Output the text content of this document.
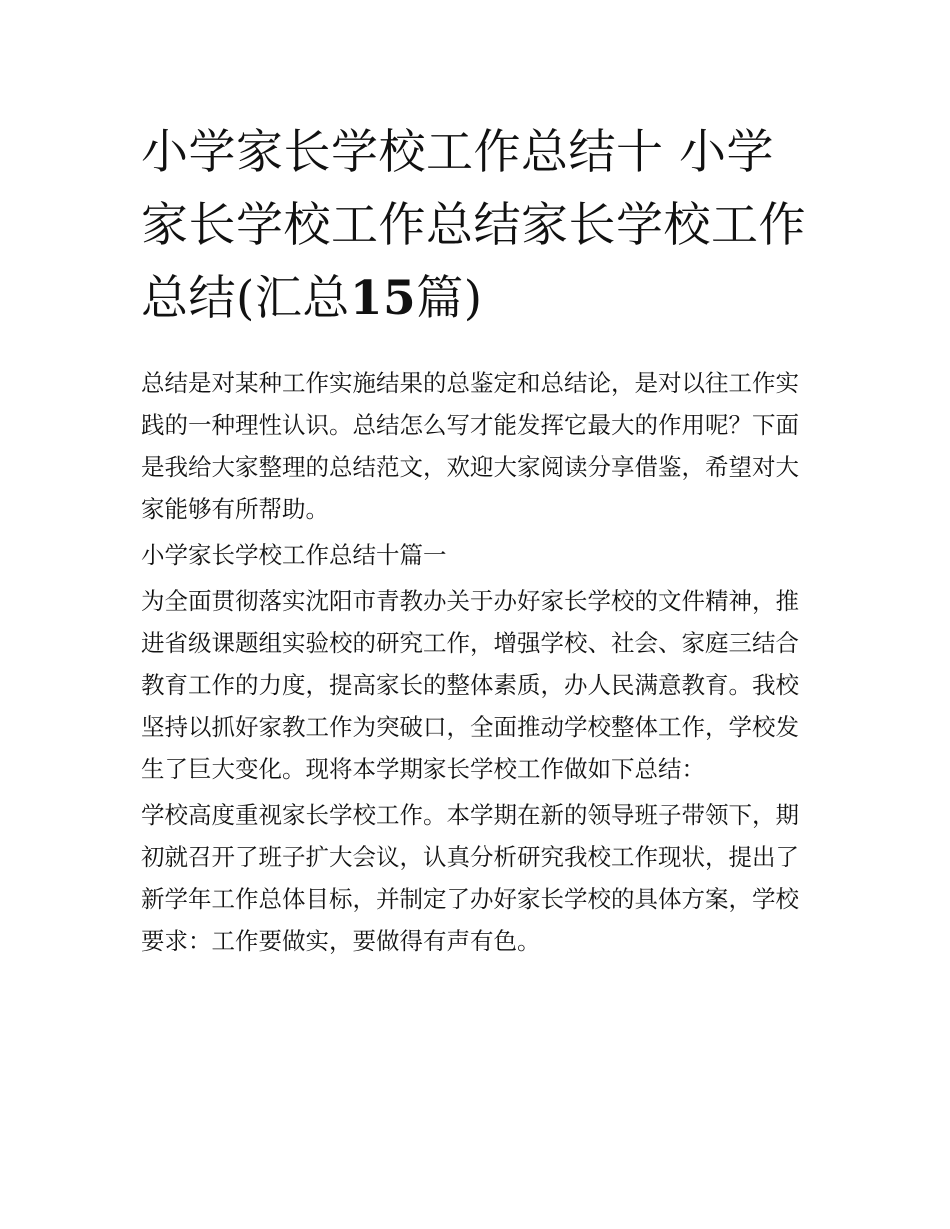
小学家长学校工作总结十 小学家长学校工作总结家长学校工作总结(汇总15篇)

总结是对某种工作实施结果的总鉴定和总结论，是对以往工作实践的一种理性认识。总结怎么写才能发挥它最大的作用呢？下面是我给大家整理的总结范文，欢迎大家阅读分享借鉴，希望对大家能够有所帮助。

小学家长学校工作总结十篇一

为全面贯彻落实沈阳市青教办关于办好家长学校的文件精神，推进省级课题组实验校的研究工作，增强学校、社会、家庭三结合教育工作的力度，提高家长的整体素质，办人民满意教育。我校坚持以抓好家教工作为突破口，全面推动学校整体工作，学校发生了巨大变化。现将本学期家长学校工作做如下总结：

学校高度重视家长学校工作。本学期在新的领导班子带领下，期初就召开了班子扩大会议，认真分析研究我校工作现状，提出了新学年工作总体目标，并制定了办好家长学校的具体方案，学校要求：工作要做实，要做得有声有色。
